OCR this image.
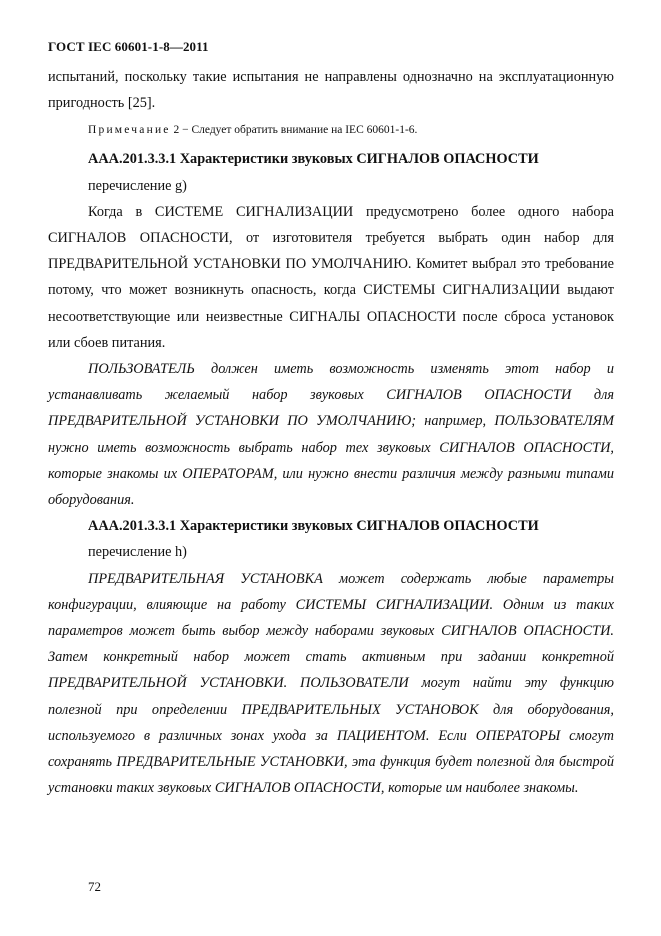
ГОСТ IEC 60601-1-8—2011

испытаний, поскольку такие испытания не направлены однозначно на эксплуатационную пригодность [25].

Примечание 2 − Следует обратить внимание на IEC 60601-1-6.

AAA.201.3.3.1 Характеристики звуковых СИГНАЛОВ ОПАСНОСТИ

перечисление g)

Когда в СИСТЕМЕ СИГНАЛИЗАЦИИ предусмотрено более одного набора СИГНАЛОВ ОПАСНОСТИ, от изготовителя требуется выбрать один набор для ПРЕДВАРИТЕЛЬНОЙ УСТАНОВКИ ПО УМОЛЧАНИЮ. Комитет выбрал это требование потому, что может возникнуть опасность, когда СИСТЕМЫ СИГНАЛИЗАЦИИ выдают несоответствующие или неизвестные СИГНАЛЫ ОПАСНОСТИ после сброса установок или сбоев питания.

ПОЛЬЗОВАТЕЛЬ должен иметь возможность изменять этот набор и устанавливать желаемый набор звуковых СИГНАЛОВ ОПАСНОСТИ для ПРЕДВАРИТЕЛЬНОЙ УСТАНОВКИ ПО УМОЛЧАНИЮ; например, ПОЛЬЗОВАТЕЛЯМ нужно иметь возможность выбрать набор тех звуковых СИГНАЛОВ ОПАСНОСТИ, которые знакомы их ОПЕРАТОРАМ, или нужно внести различия между разными типами оборудования.

AAA.201.3.3.1 Характеристики звуковых СИГНАЛОВ ОПАСНОСТИ

перечисление h)

ПРЕДВАРИТЕЛЬНАЯ УСТАНОВКА может содержать любые параметры конфигурации, влияющие на работу СИСТЕМЫ СИГНАЛИЗАЦИИ. Одним из таких параметров может быть выбор между наборами звуковых СИГНАЛОВ ОПАСНОСТИ. Затем конкретный набор может стать активным при задании конкретной ПРЕДВАРИТЕЛЬНОЙ УСТАНОВКИ. ПОЛЬЗОВАТЕЛИ могут найти эту функцию полезной при определении ПРЕДВАРИТЕЛЬНЫХ УСТАНОВОК для оборудования, используемого в различных зонах ухода за ПАЦИЕНТОМ. Если ОПЕРАТОРЫ смогут сохранять ПРЕДВАРИТЕЛЬНЫЕ УСТАНОВКИ, эта функция будет полезной для быстрой установки таких звуковых СИГНАЛОВ ОПАСНОСТИ, которые им наиболее знакомы.

72
